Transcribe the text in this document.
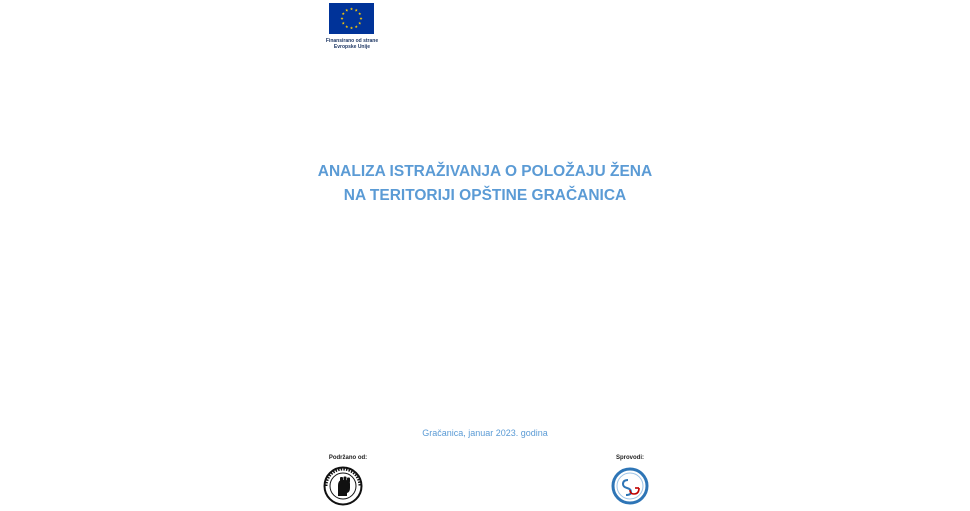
Finansirano od strane
Evropske Unije
ANALIZA ISTRAŽIVANJA O POLOŽAJU ŽENA
NA TERITORIJI OPŠTINE GRAČANICA
Gračanica, januar 2023. godina
Podržano od:	Sprovodi:
